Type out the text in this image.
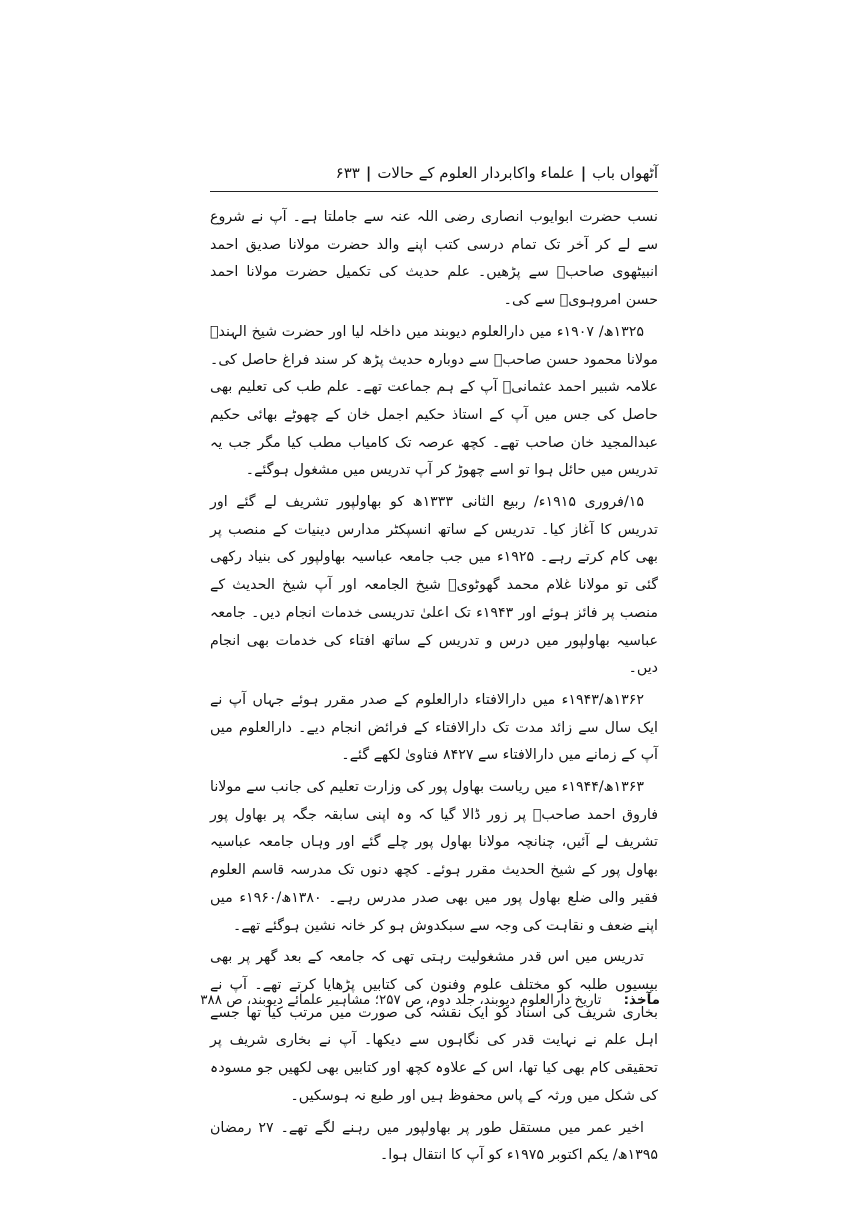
آٹھواں باب
|
علماء واکابردار العلوم کے حالات
|
۶۳۳

نسب حضرت ابوایوب انصاری رضی اللہ عنہ سے جاملتا ہے۔ آپ نے شروع سے لے کر آخر تک تمام درسی کتب اپنے والد حضرت مولانا صدیق احمد انبیٹھوی صاحبؒ سے پڑھیں۔ علم حدیث کی تکمیل حضرت مولانا احمد حسن امروہویؒ سے کی۔

۱۳۲۵ھ/ ۱۹۰۷ء میں دارالعلوم دیوبند میں داخلہ لیا اور حضرت شیخ الہندؒ مولانا محمود حسن صاحبؒ سے دوبارہ حدیث پڑھ کر سند فراغ حاصل کی۔ علامہ شبیر احمد عثمانیؒ آپ کے ہم جماعت تھے۔ علم طب کی تعلیم بھی حاصل کی جس میں آپ کے استاذ حکیم اجمل خان کے چھوٹے بھائی حکیم عبدالمجید خان صاحب تھے۔ کچھ عرصہ تک کامیاب مطب کیا مگر جب یہ تدریس میں حائل ہوا تو اسے چھوڑ کر آپ تدریس میں مشغول ہوگئے۔

۱۵/فروری ۱۹۱۵ء/ ربیع الثانی ۱۳۳۳ھ کو بھاولپور تشریف لے گئے اور تدریس کا آغاز کیا۔ تدریس کے ساتھ انسپکٹر مدارس دینیات کے منصب پر بھی کام کرتے رہے۔ ۱۹۲۵ء میں جب جامعہ عباسیہ بھاولپور کی بنیاد رکھی گئی تو مولانا غلام محمد گھوٹویؒ شیخ الجامعہ اور آپ شیخ الحدیث کے منصب پر فائز ہوئے اور ۱۹۴۳ء تک اعلیٰ تدریسی خدمات انجام دیں۔ جامعہ عباسیہ بھاولپور میں درس و تدریس کے ساتھ افتاء کی خدمات بھی انجام دیں۔

۱۳۶۲ھ/۱۹۴۳ء میں دارالافتاء دارالعلوم کے صدر مقرر ہوئے جہاں آپ نے ایک سال سے زائد مدت تک دارالافتاء کے فرائض انجام دیے۔ دارالعلوم میں آپ کے زمانے میں دارالافتاء سے ۸۴۲۷ فتاویٰ لکھے گئے۔

۱۳۶۳ھ/۱۹۴۴ء میں ریاست بھاول پور کی وزارت تعلیم کی جانب سے مولانا فاروق احمد صاحبؒ پر زور ڈالا گیا کہ وہ اپنی سابقہ جگہ پر بھاول پور تشریف لے آئیں، چنانچہ مولانا بھاول پور چلے گئے اور وہاں جامعہ عباسیہ بھاول پور کے شیخ الحدیث مقرر ہوئے۔ کچھ دنوں تک مدرسہ قاسم العلوم فقیر والی ضلع بھاول پور میں بھی صدر مدرس رہے۔ ۱۳۸۰ھ/۱۹۶۰ء میں اپنے ضعف و نقاہت کی وجہ سے سبکدوش ہو کر خانہ نشین ہوگئے تھے۔

تدریس میں اس قدر مشغولیت رہتی تھی کہ جامعہ کے بعد گھر پر بھی بیسیوں طلبہ کو مختلف علوم وفنون کی کتابیں پڑھایا کرتے تھے۔ آپ نے بخاری شریف کی اسناد کو ایک نقشہ کی صورت میں مرتب کیا تھا جسے اہل علم نے نہایت قدر کی نگاہوں سے دیکھا۔ آپ نے بخاری شریف پر تحقیقی کام بھی کیا تھا، اس کے علاوہ کچھ اور کتابیں بھی لکھیں جو مسودہ کی شکل میں ورثہ کے پاس محفوظ ہیں اور طبع نہ ہوسکیں۔

اخیر عمر میں مستقل طور پر بھاولپور میں رہنے لگے تھے۔ ۲۷ رمضان ۱۳۹۵ھ/ یکم اکتوبر ۱۹۷۵ء کو آپ کا انتقال ہوا۔

مآخذ: تاریخ دارالعلوم دیوبند، جلد دوم، ص ۲۵۷؛ مشاہیر علمائے دیوبند، ص ۳۸۸
